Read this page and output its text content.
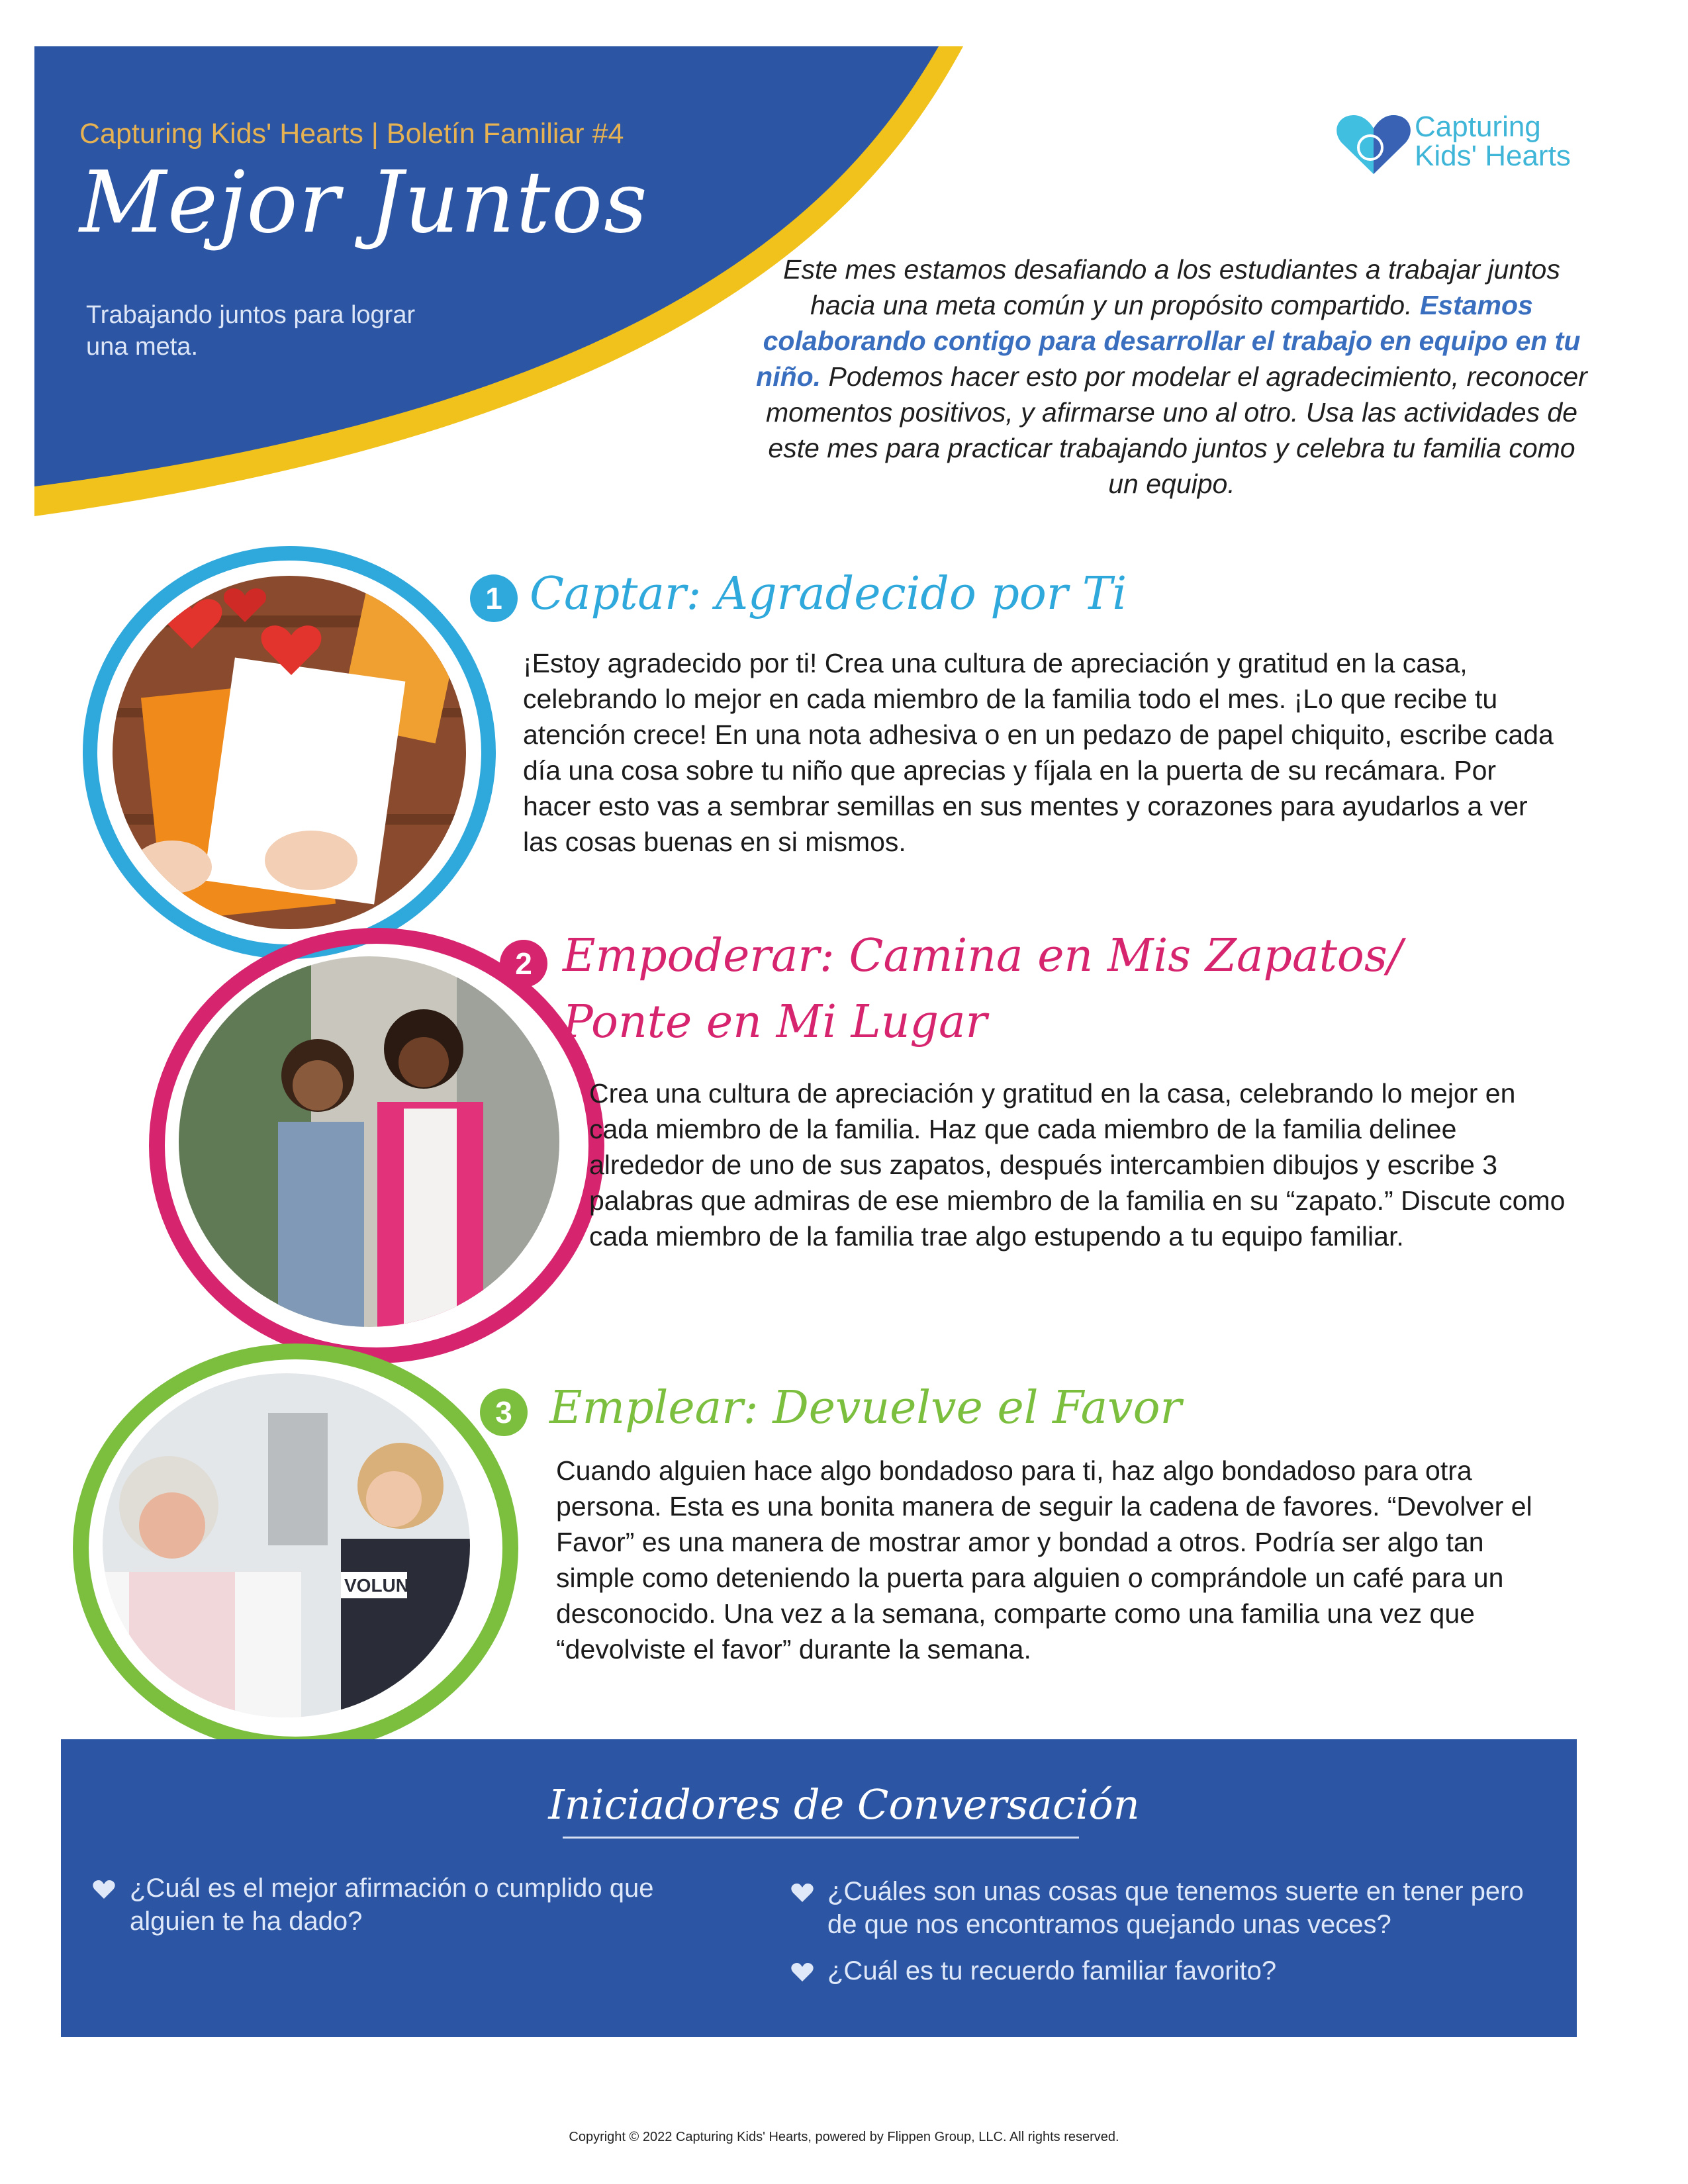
Capturing Kids' Hearts | Boletín Familiar #4
Mejor Juntos
Trabajando juntos para lograr una meta.
Capturing
Kids' Hearts
Este mes estamos desafiando a los estudiantes a trabajar juntos hacia una meta común y un propósito compartido. Estamos colaborando contigo para desarrollar el trabajo en equipo en tu niño. Podemos hacer esto por modelar el agradecimiento, reconocer momentos positivos, y afirmarse uno al otro. Usa las actividades de este mes para practicar trabajando juntos y celebra tu familia como un equipo.
1 Captar: Agradecido por Ti
¡Estoy agradecido por ti! Crea una cultura de apreciación y gratitud en la casa, celebrando lo mejor en cada miembro de la familia todo el mes. ¡Lo que recibe tu atención crece! En una nota adhesiva o en un pedazo de papel chiquito, escribe cada día una cosa sobre tu niño que aprecias y fíjala en la puerta de su recámara. Por hacer esto vas a sembrar semillas en sus mentes y corazones para ayudarlos a ver las cosas buenas en si mismos.
2 Empoderar: Camina en Mis Zapatos/
Ponte en Mi Lugar
Crea una cultura de apreciación y gratitud en la casa, celebrando lo mejor en cada miembro de la familia. Haz que cada miembro de la familia delinee alrededor de uno de sus zapatos, después intercambien dibujos y escribe 3 palabras que admiras de ese miembro de la familia en su “zapato.” Discute como cada miembro de la familia trae algo estupendo a tu equipo familiar.
VOLUN
3 Emplear: Devuelve el Favor
Cuando alguien hace algo bondadoso para ti, haz algo bondadoso para otra persona. Esta es una bonita manera de seguir la cadena de favores. “Devolver el Favor” es una manera de mostrar amor y bondad a otros. Podría ser algo tan simple como deteniendo la puerta para alguien o comprándole un café para un desconocido. Una vez a la semana, comparte como una familia una vez que “devolviste el favor” durante la semana.
Iniciadores de Conversación
¿Cuál es el mejor afirmación o cumplido que alguien te ha dado?
¿Cuáles son unas cosas que tenemos suerte en tener pero de que nos encontramos quejando unas veces?
¿Cuál es tu recuerdo familiar favorito?
Copyright © 2022 Capturing Kids' Hearts, powered by Flippen Group, LLC. All rights reserved.
